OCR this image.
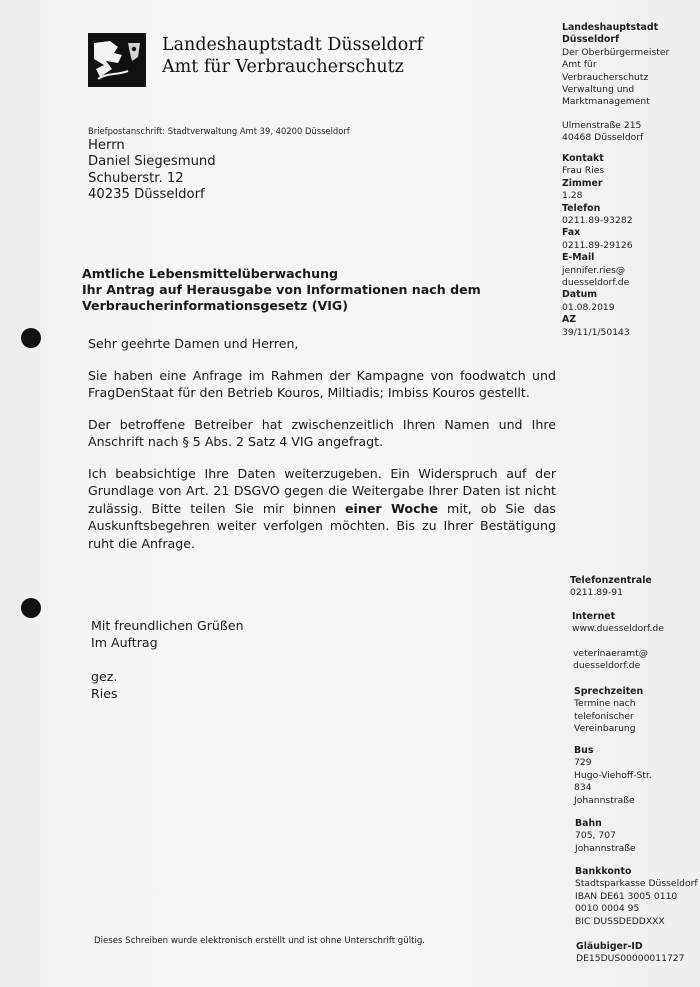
Landeshauptstadt Düsseldorf
Amt für Verbraucherschutz
Briefpostanschrift: Stadtverwaltung Amt 39, 40200 Düsseldorf
Herrn
Daniel Siegesmund
Schuberstr. 12
40235 Düsseldorf
Amtliche Lebensmittelüberwachung
Ihr Antrag auf Herausgabe von Informationen nach dem
Verbraucherinformationsgesetz (VIG)
Sehr geehrte Damen und Herren,
Sie haben eine Anfrage im Rahmen der Kampagne von foodwatch und FragDenStaat für den Betrieb Kouros, Miltiadis; Imbiss Kouros gestellt.
Der betroffene Betreiber hat zwischenzeitlich Ihren Namen und Ihre Anschrift nach § 5 Abs. 2 Satz 4 VIG angefragt.
Ich beabsichtige Ihre Daten weiterzugeben. Ein Widerspruch auf der Grundlage von Art. 21 DSGVO gegen die Weitergabe Ihrer Daten ist nicht zulässig. Bitte teilen Sie mir binnen einer Woche mit, ob Sie das Auskunftsbegehren weiter verfolgen möchten. Bis zu Ihrer Bestätigung ruht die Anfrage.
Mit freundlichen Grüßen
Im Auftrag
gez.
Ries
Dieses Schreiben wurde elektronisch erstellt und ist ohne Unterschrift gültig.
Landeshauptstadt
Düsseldorf
Der Oberbürgermeister
Amt für
Verbraucherschutz
Verwaltung und
Marktmanagement
Ulmenstraße 215
40468 Düsseldorf
Kontakt
Frau Ries
Zimmer
1.28
Telefon
0211.89-93282
Fax
0211.89-29126
E-Mail
jennifer.ries@
duesseldorf.de
Datum
01.08.2019
AZ
39/11/1/50143
Telefonzentrale
0211.89-91
Internet
www.duesseldorf.de
veterinaeramt@
duesseldorf.de
Sprechzeiten
Termine nach
telefonischer
Vereinbarung
Bus
729
Hugo-Viehoff-Str.
834
Johannstraße
Bahn
705, 707
Johannstraße
Bankkonto
Stadtsparkasse Düsseldorf
IBAN DE61 3005 0110
0010 0004 95
BIC DUSSDEDDXXX
Gläubiger-ID
DE15DUS00000011727
